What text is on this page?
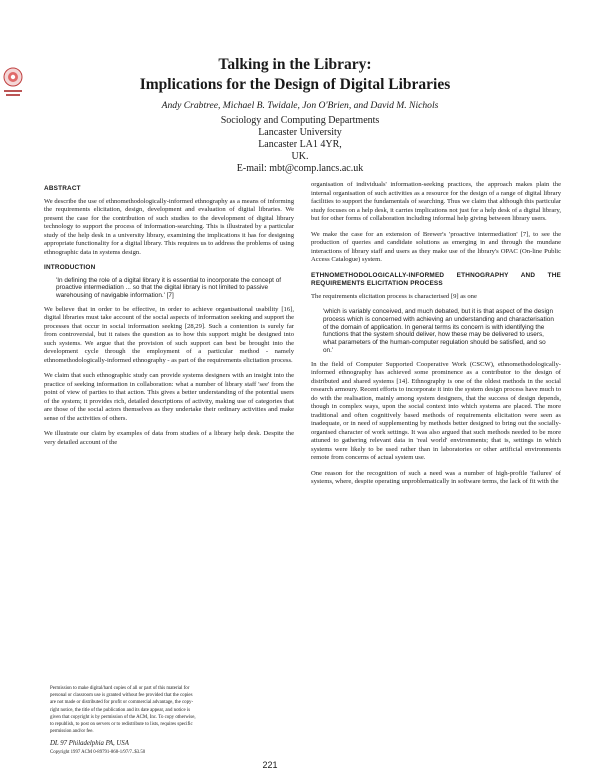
Talking in the Library:
Implications for the Design of Digital Libraries
Andy Crabtree, Michael B. Twidale, Jon O'Brien, and David M. Nichols
Sociology and Computing Departments
Lancaster University
Lancaster LA1 4YR,
UK.
E-mail: mbt@comp.lancs.ac.uk
ABSTRACT

We describe the use of ethnomethodologically-informed ethnography as a means of informing the requirements elicitation, design, development and evaluation of digital libraries. We present the case for the contribution of such studies to the development of digital library technology to support the process of information-searching. This is illustrated by a particular study of the help desk in a university library, examining the implications it has for designing appropriate functionality for a digital library. This requires us to address the problems of using ethnographic data in systems design.

INTRODUCTION

'In defining the role of a digital library it is essential to incorporate the concept of proactive intermediation ... so that the digital library is not limited to passive warehousing of navigable information.' [7]

We believe that in order to be effective, in order to achieve organisational usability [16], digital libraries must take account of the social aspects of information seeking and support the processes that occur in social information seeking [28,29]. Such a contention is surely far from controversial, but it raises the question as to how this support might be designed into such systems. We argue that the provision of such support can best be brought into the development cycle through the employment of a particular method - namely ethnomethodologically-informed ethnography - as part of the requirements elicitation process.

We claim that such ethnographic study can provide systems designers with an insight into the practice of seeking information in collaboration: what a number of library staff 'see' from the point of view of parties to that action. This gives a better understanding of the potential users of the system; it provides rich, detailed descriptions of activity, making use of categories that are those of the social actors themselves as they undertake their ordinary activities and make sense of the activities of others.

We illustrate our claim by examples of data from studies of a library help desk. Despite the very detailed account of the

Permission to make digital/hard copies of all or part of this material for

personal or classroom use is granted without fee provided that the copies

are not made or distributed for profit or commercial advantage, the copy-

right notice, the title of the publication and its date appear, and notice is

given that copyright is by permission of the ACM, Inc. To copy otherwise,

to republish, to post on servers or to redistribute to lists, requires specific

permission and/or fee.

DL 97 Philadelphia PA, USA
Copyright 1997 ACM 0-89791-868-1/97/7..$3.50

organisation of individuals' information-seeking practices, the approach makes plain the internal organisation of such activities as a resource for the design of a range of digital library facilities to support the fundamentals of searching. Thus we claim that although this particular study focuses on a help desk, it carries implications not just for a help desk of a digital library, but for other forms of collaboration including informal help giving between library users.

We make the case for an extension of Brewer's 'proactive intermediation' [7], to see the production of queries and candidate solutions as emerging in and through the mundane interactions of library staff and users as they make use of the library's OPAC (On-line Public Access Catalogue) system.

ETHNOMETHODOLOGICALLY-INFORMED ETHNOGRAPHY AND THE REQUIREMENTS ELICITATION PROCESS

The requirements elicitation process is characterised [9] as one

'which is variably conceived, and much debated, but it is that aspect of the design process which is concerned with achieving an understanding and characterisation of the domain of application. In general terms its concern is with identifying the functions that the system should deliver, how these may be delivered to users, what parameters of the human-computer regulation should be satisfied, and so on.'

In the field of Computer Supported Cooperative Work (CSCW), ethnomethodologically-informed ethnography has achieved some prominence as a contributor to the design of distributed and shared systems [14]. Ethnography is one of the oldest methods in the social research armoury. Recent efforts to incorporate it into the system design process have much to do with the realisation, mainly among system designers, that the success of design depends, though in complex ways, upon the social context into which systems are placed. The more traditional and often cognitively based methods of requirements elicitation were seen as inadequate, or in need of supplementing by methods better designed to bring out the socially-organised character of work settings. It was also argued that such methods needed to be more attuned to gathering relevant data in 'real world' environments; that is, settings in which systems were likely to be used rather than in laboratories or other artificial environments remote from concerns of actual system use.

One reason for the recognition of such a need was a number of high-profile 'failures' of systems, where, despite operating unproblematically in software terms, the lack of fit with the

221
